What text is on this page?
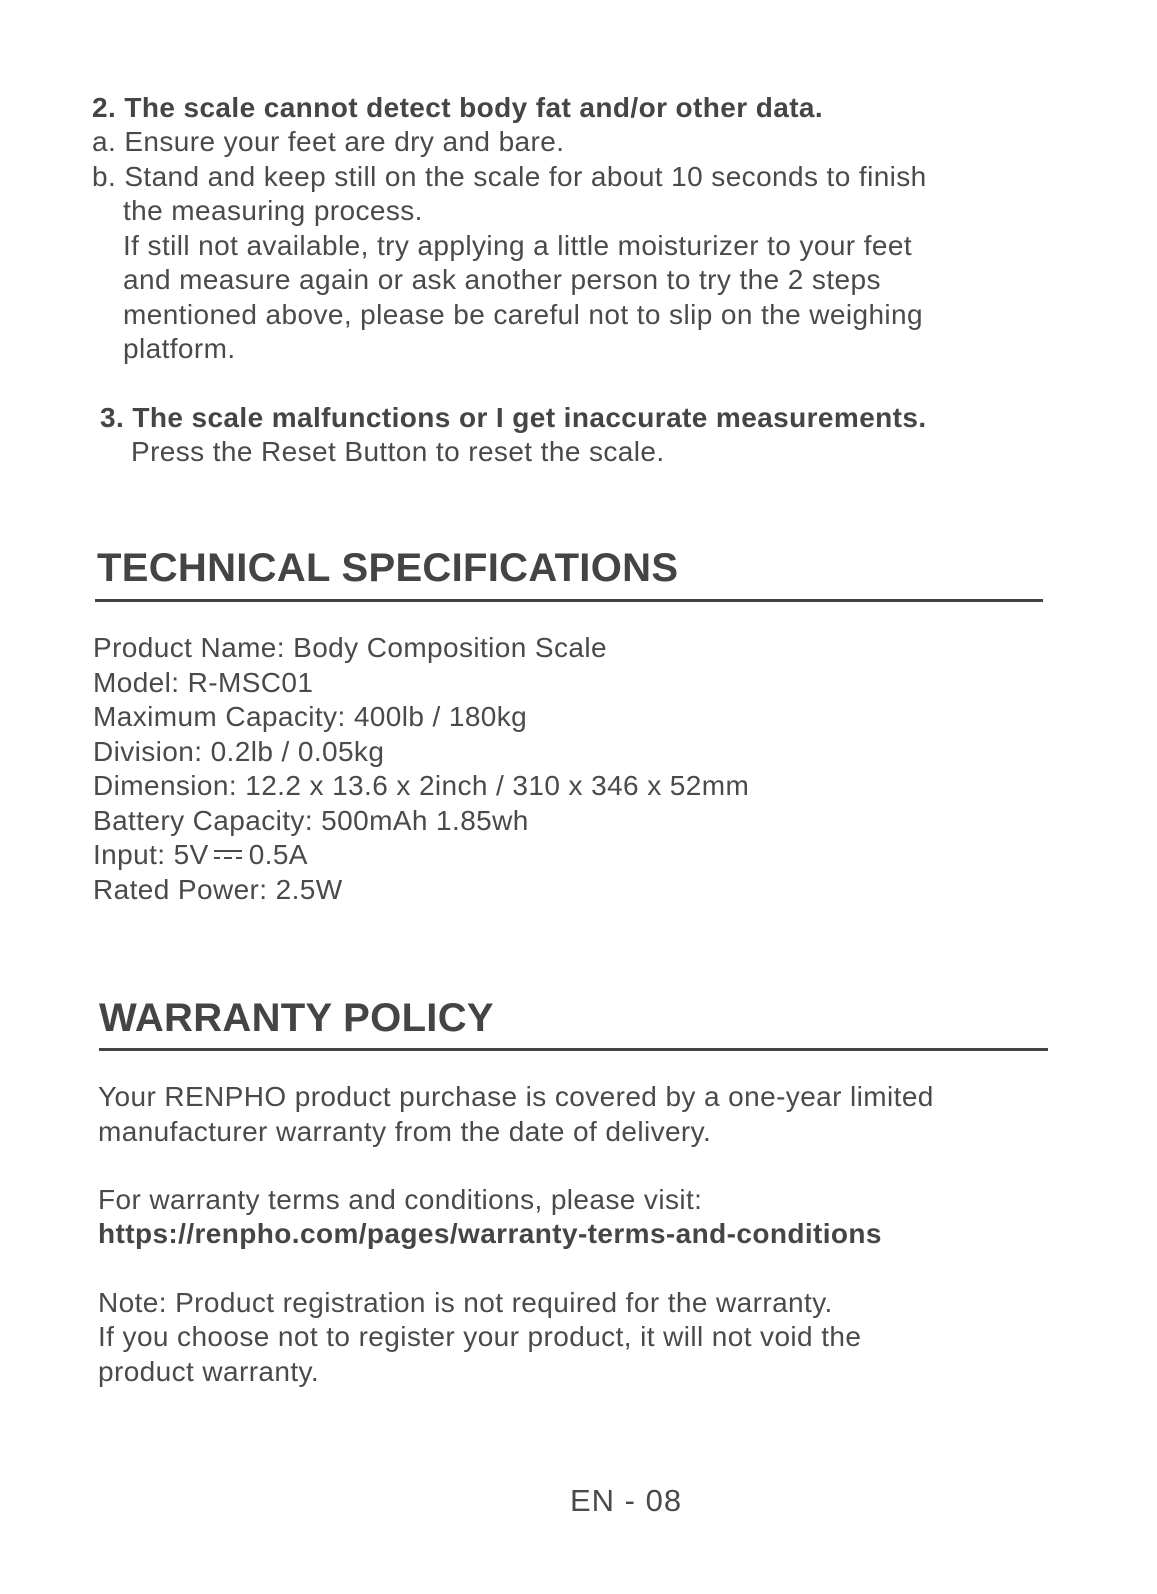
2. The scale cannot detect body fat and/or other data.
a. Ensure your feet are dry and bare.
b. Stand and keep still on the scale for about 10 seconds to finish
the measuring process.
If still not available, try applying a little moisturizer to your feet
and measure again or ask another person to try the 2 steps
mentioned above, please be careful not to slip on the weighing
platform.
3. The scale malfunctions or I get inaccurate measurements.
Press the Reset Button to reset the scale.
TECHNICAL SPECIFICATIONS
Product Name: Body Composition Scale
Model: R-MSC01
Maximum Capacity: 400lb / 180kg
Division: 0.2lb / 0.05kg
Dimension: 12.2 x 13.6 x 2inch / 310 x 346 x 52mm
Battery Capacity: 500mAh 1.85wh
Input: 5V 0.5A
Rated Power: 2.5W
WARRANTY POLICY
Your RENPHO product purchase is covered by a one-year limited
manufacturer warranty from the date of delivery.
For warranty terms and conditions, please visit:
https://renpho.com/pages/warranty-terms-and-conditions
Note: Product registration is not required for the warranty.
If you choose not to register your product, it will not void the
product warranty.
EN - 08
